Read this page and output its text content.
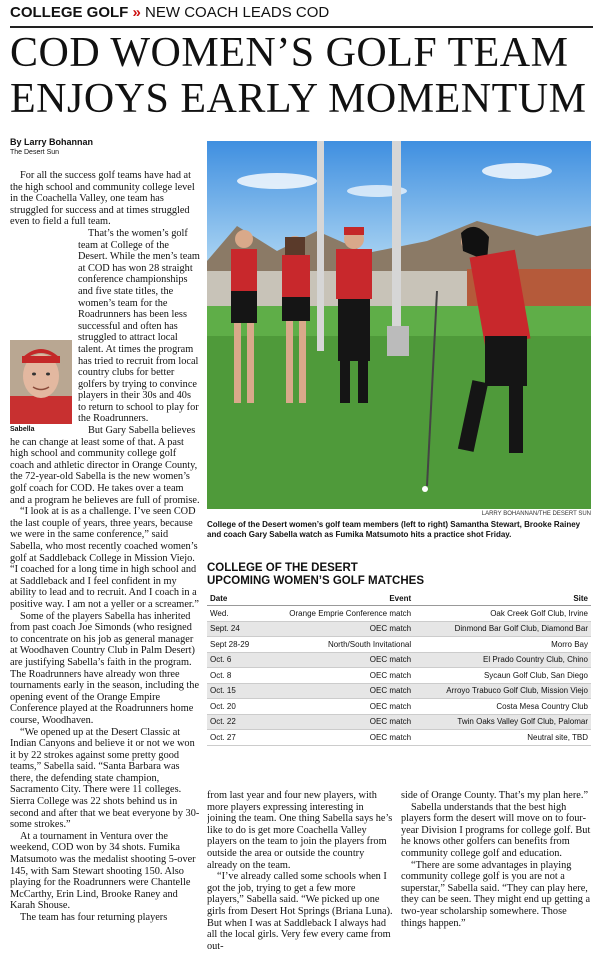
COLLEGE GOLF » NEW COACH LEADS COD
COD WOMEN’S GOLF TEAM ENJOYS EARLY MOMENTUM
By Larry Bohannan
The Desert Sun

For all the success golf teams have had at the high school and community college level in the Coachella Valley, one team has struggled for success and at times struggled even to field a full team.

Sabella

That’s the women’s golf team at College of the Desert. While the men’s team at COD has won 28 straight conference championships and five state titles, the women’s team for the Roadrunners has been less successful and often has struggled to attract local talent. At times the program has tried to recruit from local country clubs for better golfers by trying to convince players in their 30s and 40s to return to school to play for the Roadrunners.

But Gary Sabella believes he can change at least some of that. A past high school and community college golf coach and athletic director in Orange County, the 72-year-old Sabella is the new women’s golf coach for COD. He takes over a team and a program he believes are full of promise.

“I look at is as a challenge. I’ve seen COD the last couple of years, three years, because we were in the same conference,” said Sabella, who most recently coached women’s golf at Saddleback College in Mission Viejo. “I coached for a long time in high school and at Saddleback and I feel confident in my ability to lead and to recruit. And I coach in a positive way. I am not a yeller or a screamer.”

Some of the players Sabella has inherited from past coach Joe Simonds (who resigned to concentrate on his job as general manager at Woodhaven Country Club in Palm Desert) are justifying Sabella’s faith in the program. The Roadrunners have already won three tournaments early in the season, including the opening event of the Orange Empire Conference played at the Roadrunners home course, Woodhaven.

“We opened up at the Desert Classic at Indian Canyons and believe it or not we won it by 22 strokes against some pretty good teams,” Sabella said. “Santa Barbara was there, the defending state champion, Sacramento City. There were 11 colleges. Sierra College was 22 shots behind us in second and after that we beat everyone by 30-some strokes.”

At a tournament in Ventura over the weekend, COD won by 34 shots. Fumika Matsumoto was the medalist shooting 5-over 145, with Sam Stewart shooting 150. Also playing for the Roadrunners were Chantelle McCarthy, Erin Lind, Brooke Raney and Karah Shouse.

The team has four returning players

LARRY BOHANNAN/THE DESERT SUN
College of the Desert women’s golf team members (left to right) Samantha Stewart, Brooke Rainey and coach Gary Sabella watch as Fumika Matsumoto hits a practice shot Friday.
COLLEGE OF THE DESERT
UPCOMING WOMEN’S GOLF MATCHES
Date	Event	Site
Wed.	Orange Emprie Conference match	Oak Creek Golf Club, Irvine
Sept. 24	OEC match	Dinmond Bar Golf Club, Diamond Bar
Sept 28-29	North/South Invitational	Morro Bay
Oct. 6	OEC match	El Prado Country Club, Chino
Oct. 8	OEC match	Sycaun Golf Club, San Diego
Oct. 15	OEC match	Arroyo Trabuco Golf Club, Mission Viejo
Oct. 20	OEC match	Costa Mesa Country Club
Oct. 22	OEC match	Twin Oaks Valley Golf Club, Palomar
Oct. 27	OEC match	Neutral site, TBD

from last year and four new players, with more players expressing interesting in joining the team. One thing Sabella says he’s like to do is get more Coachella Valley players on the team to join the players from outside the area or outside the country already on the team.

“I’ve already called some schools when I got the job, trying to get a few more players,” Sabella said. “We picked up one girls from Desert Hot Springs (Briana Luna). But when I was at Saddleback I always had all the local girls. Very few every came from out-

side of Orange County. That’s my plan here.”

Sabella understands that the best high players form the desert will move on to four-year Division I programs for college golf. But he knows other golfers can benefits from community college golf and education.

“There are some advantages in playing community college golf is you are not a superstar,” Sabella said. “They can play here, they can be seen. They might end up getting a two-year scholarship somewhere. Those things happen.”
